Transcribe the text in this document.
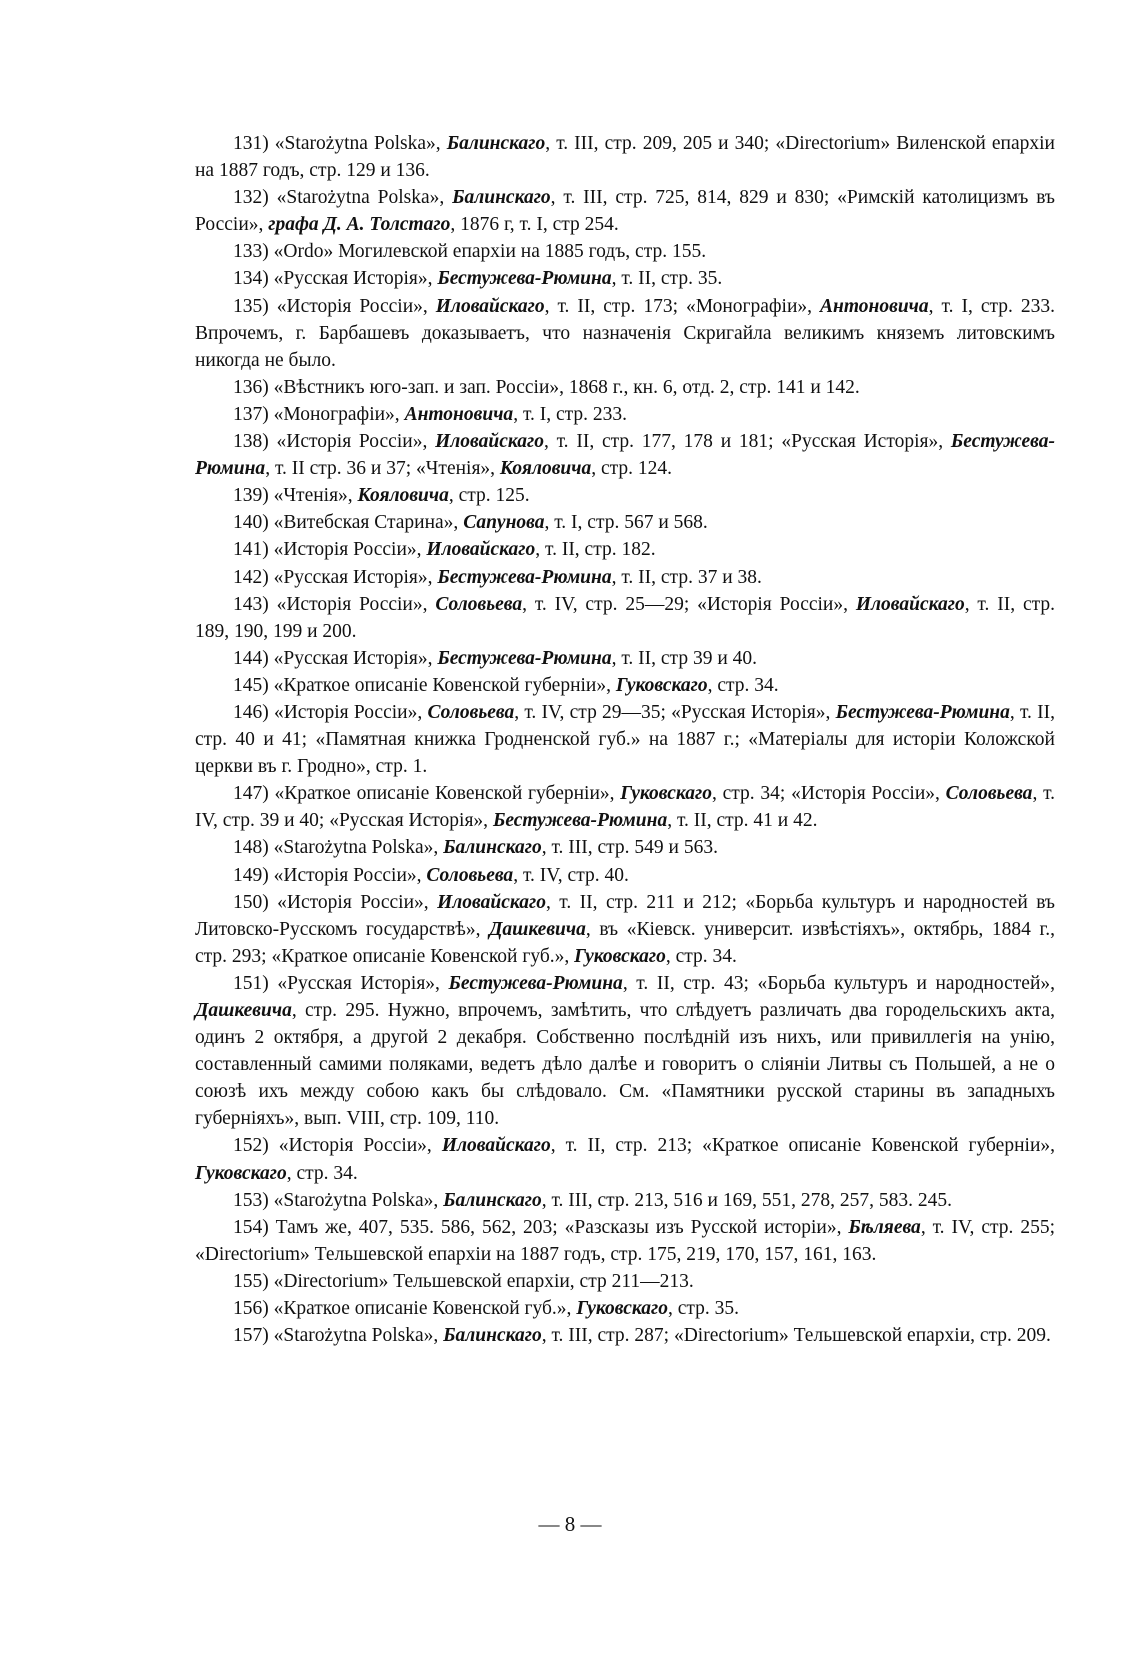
131) «Starożytna Polska», Балинскаго, т. III, стр. 209, 205 и 340; «Directorium» Виленской епархіи на 1887 годъ, стр. 129 и 136.

132) «Starożytna Polska», Балинскаго, т. III, стр. 725, 814, 829 и 830; «Римскій католицизмъ въ Россіи», графа Д. А. Толстаго, 1876 г, т. I, стр 254.

133) «Ordo» Могилевской епархіи на 1885 годъ, стр. 155.

134) «Русская Исторія», Бестужева-Рюмина, т. II, стр. 35.

135) «Исторія Россіи», Иловайскаго, т. II, стр. 173; «Монографіи», Антоновича, т. I, стр. 233. Впрочемъ, г. Барбашевъ доказываетъ, что назначенія Скригайла великимъ княземъ литовскимъ никогда не было.

136) «Вѣстникъ юго-зап. и зап. Россіи», 1868 г., кн. 6, отд. 2, стр. 141 и 142.

137) «Монографіи», Антоновича, т. I, стр. 233.

138) «Исторія Россіи», Иловайскаго, т. II, стр. 177, 178 и 181; «Русская Исторія», Бестужева-Рюмина, т. II стр. 36 и 37; «Чтенія», Кояловича, стр. 124.

139) «Чтенія», Кояловича, стр. 125.

140) «Витебская Старина», Сапунова, т. I, стр. 567 и 568.

141) «Исторія Россіи», Иловайскаго, т. II, стр. 182.

142) «Русская Исторія», Бестужева-Рюмина, т. II, стр. 37 и 38.

143) «Исторія Россіи», Соловьева, т. IV, стр. 25—29; «Исторія Россіи», Иловайскаго, т. II, стр. 189, 190, 199 и 200.

144) «Русская Исторія», Бестужева-Рюмина, т. II, стр 39 и 40.

145) «Краткое описаніе Ковенской губерніи», Гуковскаго, стр. 34.

146) «Исторія Россіи», Соловьева, т. IV, стр 29—35; «Русская Исторія», Бестужева-Рюмина, т. II, стр. 40 и 41; «Памятная книжка Гродненской губ.» на 1887 г.; «Матеріалы для исторіи Коложской церкви въ г. Гродно», стр. 1.

147) «Краткое описаніе Ковенской губерніи», Гуковскаго, стр. 34; «Исторія Россіи», Соловьева, т. IV, стр. 39 и 40; «Русская Исторія», Бестужева-Рюмина, т. II, стр. 41 и 42.

148) «Starożytna Polska», Балинскаго, т. III, стр. 549 и 563.

149) «Исторія Россіи», Соловьева, т. IV, стр. 40.

150) «Исторія Россіи», Иловайскаго, т. II, стр. 211 и 212; «Борьба культуръ и народностей въ Литовско-Русскомъ государствѣ», Дашкевича, въ «Кіевск. университ. извѣстіяхъ», октябрь, 1884 г., стр. 293; «Краткое описаніе Ковенской губ.», Гуковскаго, стр. 34.

151) «Русская Исторія», Бестужева-Рюмина, т. II, стр. 43; «Борьба культуръ и народностей», Дашкевича, стр. 295. Нужно, впрочемъ, замѣтить, что слѣдуетъ различать два городельскихъ акта, одинъ 2 октября, а другой 2 декабря. Собственно послѣдній изъ нихъ, или привиллегія на унію, составленный самими поляками, ведетъ дѣло далѣе и говоритъ о сліяніи Литвы съ Польшей, а не о союзѣ ихъ между собою какъ бы слѣдовало. См. «Памятники русской старины въ западныхъ губерніяхъ», вып. VIII, стр. 109, 110.

152) «Исторія Россіи», Иловайскаго, т. II, стр. 213; «Краткое описаніе Ковенской губерніи», Гуковскаго, стр. 34.

153) «Starożytna Polska», Балинскаго, т. III, стр. 213, 516 и 169, 551, 278, 257, 583. 245.

154) Тамъ же, 407, 535. 586, 562, 203; «Разсказы изъ Русской исторіи», Бѣляева, т. IV, стр. 255; «Directorium» Тельшевской епархіи на 1887 годъ, стр. 175, 219, 170, 157, 161, 163.

155) «Directorium» Тельшевской епархіи, стр 211—213.

156) «Краткое описаніе Ковенской губ.», Гуковскаго, стр. 35.

157) «Starożytna Polska», Балинскаго, т. III, стр. 287; «Directorium» Тельшевской епархіи, стр. 209.

— 8 —
